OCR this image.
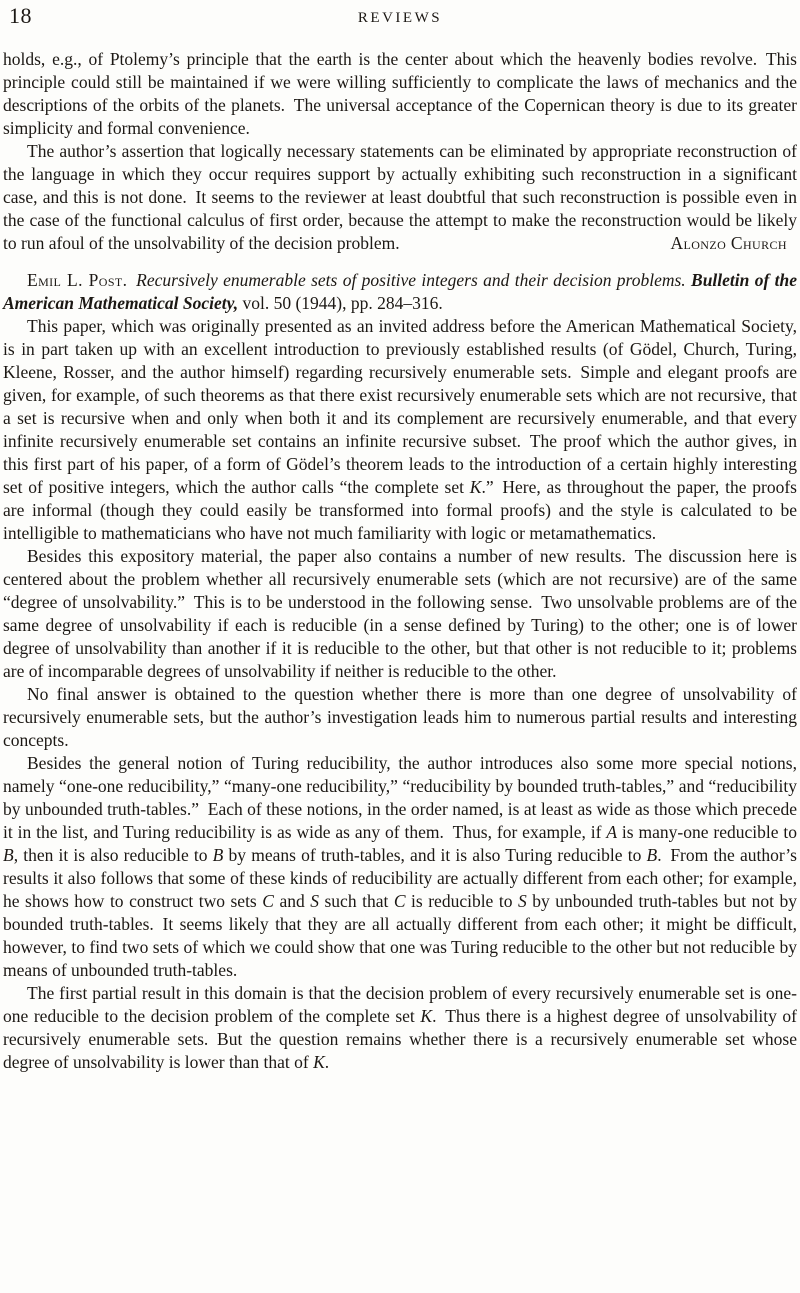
18	REVIEWS

holds, e.g., of Ptolemy’s principle that the earth is the center about which the heavenly bodies revolve. This principle could still be maintained if we were willing sufficiently to complicate the laws of mechanics and the descriptions of the orbits of the planets. The universal acceptance of the Copernican theory is due to its greater simplicity and formal convenience.

The author’s assertion that logically necessary statements can be eliminated by appropriate reconstruction of the language in which they occur requires support by actually exhibiting such reconstruction in a significant case, and this is not done. It seems to the reviewer at least doubtful that such reconstruction is possible even in the case of the functional calculus of first order, because the attempt to make the reconstruction would be likely to run afoul of the unsolvability of the decision problem.	Alonzo Church

Emil L. Post.  Recursively enumerable sets of positive integers and their decision problems. Bulletin of the American Mathematical Society, vol. 50 (1944), pp. 284–316.

This paper, which was originally presented as an invited address before the American Mathematical Society, is in part taken up with an excellent introduction to previously established results (of Gödel, Church, Turing, Kleene, Rosser, and the author himself) regarding recursively enumerable sets. Simple and elegant proofs are given, for example, of such theorems as that there exist recursively enumerable sets which are not recursive, that a set is recursive when and only when both it and its complement are recursively enumerable, and that every infinite recursively enumerable set contains an infinite recursive subset. The proof which the author gives, in this first part of his paper, of a form of Gödel’s theorem leads to the introduction of a certain highly interesting set of positive integers, which the author calls “the complete set K.” Here, as throughout the paper, the proofs are informal (though they could easily be transformed into formal proofs) and the style is calculated to be intelligible to mathematicians who have not much familiarity with logic or metamathematics.

Besides this expository material, the paper also contains a number of new results. The discussion here is centered about the problem whether all recursively enumerable sets (which are not recursive) are of the same “degree of unsolvability.” This is to be understood in the following sense. Two unsolvable problems are of the same degree of unsolvability if each is reducible (in a sense defined by Turing) to the other; one is of lower degree of unsolvability than another if it is reducible to the other, but that other is not reducible to it; problems are of incomparable degrees of unsolvability if neither is reducible to the other.

No final answer is obtained to the question whether there is more than one degree of unsolvability of recursively enumerable sets, but the author’s investigation leads him to numerous partial results and interesting concepts.

Besides the general notion of Turing reducibility, the author introduces also some more special notions, namely “one-one reducibility,” “many-one reducibility,” “reducibility by bounded truth-tables,” and “reducibility by unbounded truth-tables.” Each of these notions, in the order named, is at least as wide as those which precede it in the list, and Turing reducibility is as wide as any of them. Thus, for example, if A is many-one reducible to B, then it is also reducible to B by means of truth-tables, and it is also Turing reducible to B. From the author’s results it also follows that some of these kinds of reducibility are actually different from each other; for example, he shows how to construct two sets C and S such that C is reducible to S by unbounded truth-tables but not by bounded truth-tables. It seems likely that they are all actually different from each other; it might be difficult, however, to find two sets of which we could show that one was Turing reducible to the other but not reducible by means of unbounded truth-tables.

The first partial result in this domain is that the decision problem of every recursively enumerable set is one-one reducible to the decision problem of the complete set K. Thus there is a highest degree of unsolvability of recursively enumerable sets. But the question remains whether there is a recursively enumerable set whose degree of unsolvability is lower than that of K.
